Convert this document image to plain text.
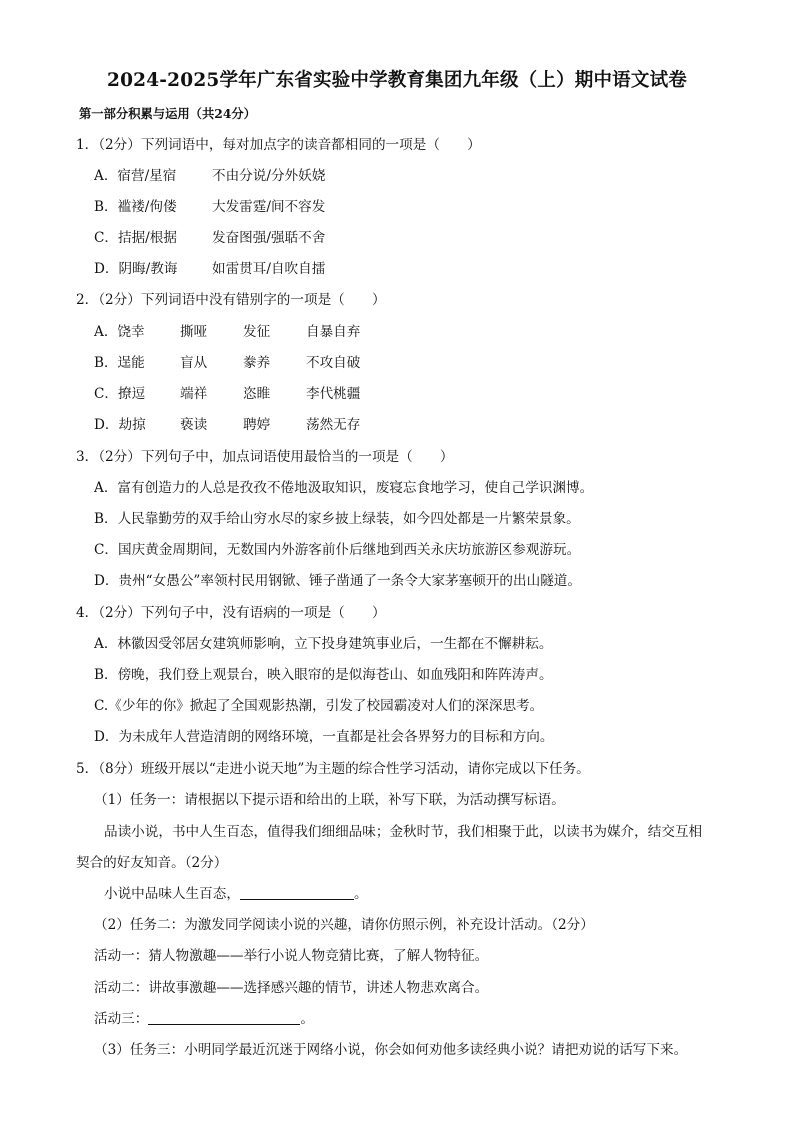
2024-2025学年广东省实验中学教育集团九年级（上）期中语文试卷
第一部分积累与运用（共24分）
1．（2分）下列词语中，每对加点字的读音都相同的一项是（　　）
A．宿营/星宿	不由分说/分外妖娆
B．褴褛/佝偻	大发雷霆/间不容发
C．拮据/根据	发奋图强/强聒不舍
D．阴晦/教诲	如雷贯耳/自吹自擂
2．（2分）下列词语中没有错别字的一项是（　　）
A．饶幸	撕哑	发征	自暴自弃
B．逞能	盲从	豢养	不攻自破
C．撩逗	端祥	恣睢	李代桃疆
D．劫掠	亵读	聘婷	荡然无存
3．（2分）下列句子中，加点词语使用最恰当的一项是（　　）
A．富有创造力的人总是孜孜不倦地汲取知识，废寝忘食地学习，使自己学识渊博。
B．人民靠勤劳的双手给山穷水尽的家乡披上绿装，如今四处都是一片繁荣景象。
C．国庆黄金周期间，无数国内外游客前仆后继地到西关永庆坊旅游区参观游玩。
D．贵州“女愚公”率领村民用钢锨、锤子凿通了一条令大家茅塞顿开的出山隧道。
4．（2分）下列句子中，没有语病的一项是（　　）
A．林徽因受邻居女建筑师影响，立下投身建筑事业后，一生都在不懈耕耘。
B．傍晚，我们登上观景台，映入眼帘的是似海苍山、如血残阳和阵阵涛声。
C.《少年的你》掀起了全国观影热潮，引发了校园霸凌对人们的深深思考。
D．为未成年人营造清朗的网络环境，一直都是社会各界努力的目标和方向。
5．（8分）班级开展以“走进小说天地”为主题的综合性学习活动，请你完成以下任务。
（1）任务一：请根据以下提示语和给出的上联，补写下联，为活动撰写标语。
品读小说，书中人生百态，值得我们细细品味；金秋时节，我们相聚于此，以读书为媒介，结交互相
契合的好友知音。（2分）
小说中品味人生百态，	。
（2）任务二：为激发同学阅读小说的兴趣，请你仿照示例，补充设计活动。（2分）
活动一：猜人物激趣——举行小说人物竞猜比赛，了解人物特征。
活动二：讲故事激趣——选择感兴趣的情节，讲述人物悲欢离合。
活动三：	。
（3）任务三：小明同学最近沉迷于网络小说，你会如何劝他多读经典小说？请把劝说的话写下来。
